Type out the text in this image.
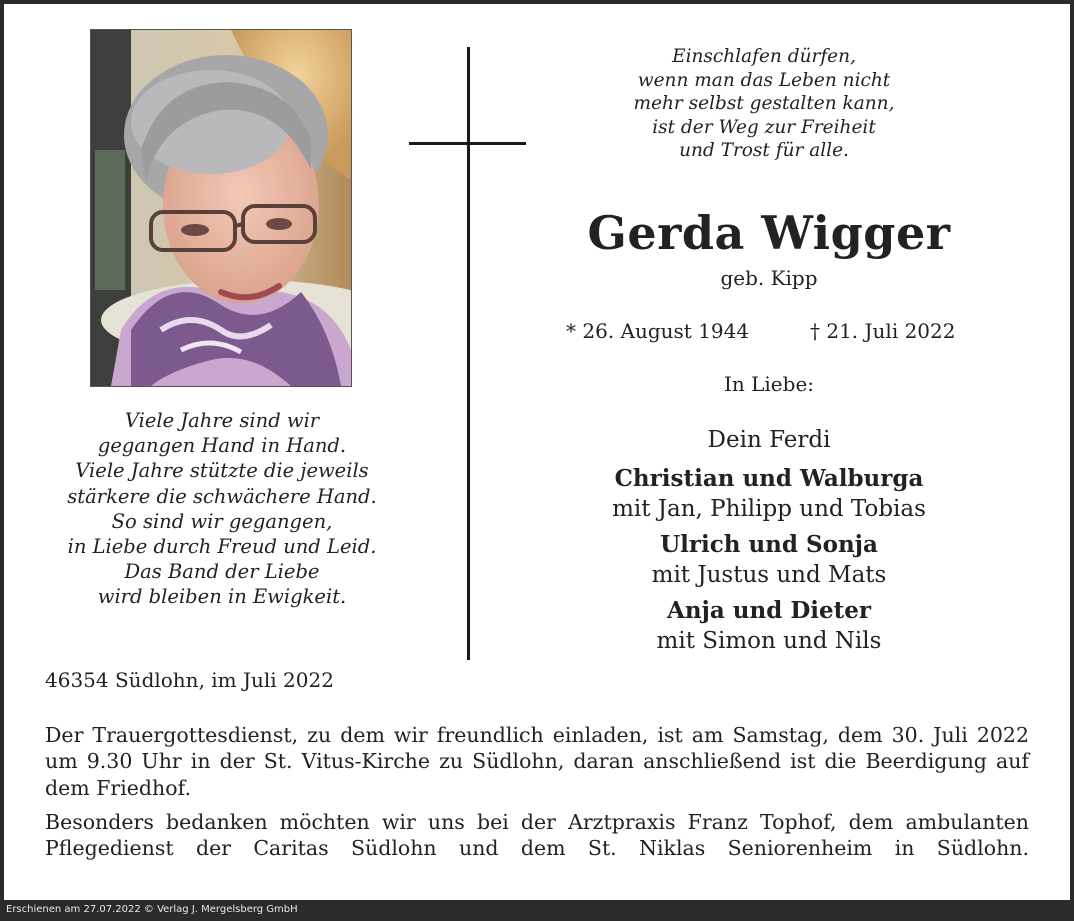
Einschlafen dürfen,
wenn man das Leben nicht
mehr selbst gestalten kann,
ist der Weg zur Freiheit
und Trost für alle.
Gerda Wigger
geb. Kipp
* 26. August 1944	† 21. Juli 2022
In Liebe:
Dein Ferdi
Christian und Walburga
mit Jan, Philipp und Tobias
Ulrich und Sonja
mit Justus und Mats
Anja und Dieter
mit Simon und Nils
Viele Jahre sind wir
gegangen Hand in Hand.
Viele Jahre stützte die jeweils
stärkere die schwächere Hand.
So sind wir gegangen,
in Liebe durch Freud und Leid.
Das Band der Liebe
wird bleiben in Ewigkeit.
46354 Südlohn, im Juli 2022

Der Trauergottesdienst, zu dem wir freundlich einladen, ist am Samstag, dem 30. Juli 2022 um 9.30 Uhr in der St. Vitus-Kirche zu Südlohn, daran anschließend ist die Beerdigung auf dem Friedhof.

Besonders bedanken möchten wir uns bei der Arztpraxis Franz Tophof, dem ambulanten Pflegedienst der Caritas Südlohn und dem St. Niklas Seniorenheim in Südlohn.

Erschienen am 27.07.2022 © Verlag J. Mergelsberg GmbH
